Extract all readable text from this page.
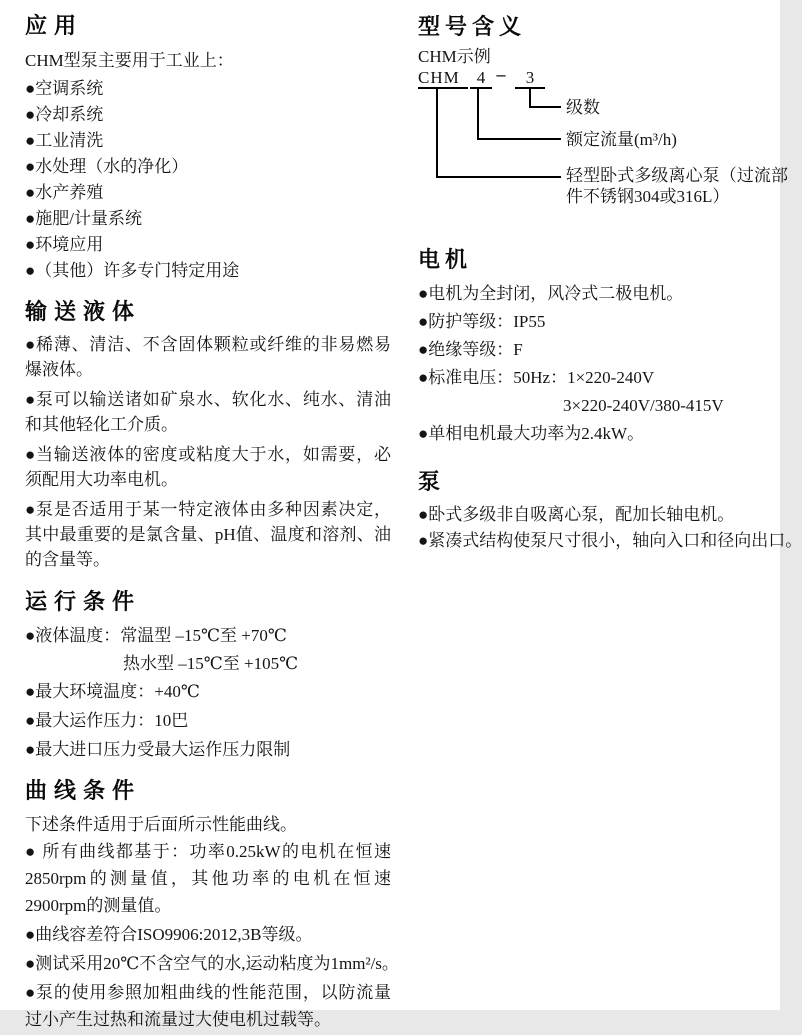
应用
CHM型泵主要用于工业上：
●空调系统
●冷却系统
●工业清洗
●水处理（水的净化）
●水产养殖
●施肥/计量系统
●环境应用
●（其他）许多专门特定用途
输送液体
●稀薄、清洁、不含固体颗粒或纤维的非易燃易爆液体。
●泵可以输送诸如矿泉水、软化水、纯水、清油和其他轻化工介质。
●当输送液体的密度或粘度大于水，如需要，必须配用大功率电机。
●泵是否适用于某一特定液体由多种因素决定，其中最重要的是氯含量、pH值、温度和溶剂、油的含量等。
运行条件
●液体温度：常温型 –15℃至 +70℃
热水型 –15℃至 +105℃
●最大环境温度：+40℃
●最大运作压力：10巴
●最大进口压力受最大运作压力限制
曲线条件
下述条件适用于后面所示性能曲线。
● 所有曲线都基于：功率0.25kW的电机在恒速2850rpm的测量值，其他功率的电机在恒速2900rpm的测量值。
●曲线容差符合ISO9906:2012,3B等级。
●测试采用20℃不含空气的水,运动粘度为1mm²/s。
●泵的使用参照加粗曲线的性能范围，以防流量过小产生过热和流量过大使电机过载等。
型号含义
CHM示例
CHM	4 –	3
级数
额定流量(m³/h)
轻型卧式多级离心泵（过流部件不锈钢304或316L）
电机
●电机为全封闭，风冷式二极电机。
●防护等级：IP55
●绝缘等级：F
●标准电压：50Hz：1×220-240V
3×220-240V/380-415V
●单相电机最大功率为2.4kW。
泵
●卧式多级非自吸离心泵，配加长轴电机。
●紧凑式结构使泵尺寸很小，轴向入口和径向出口。
